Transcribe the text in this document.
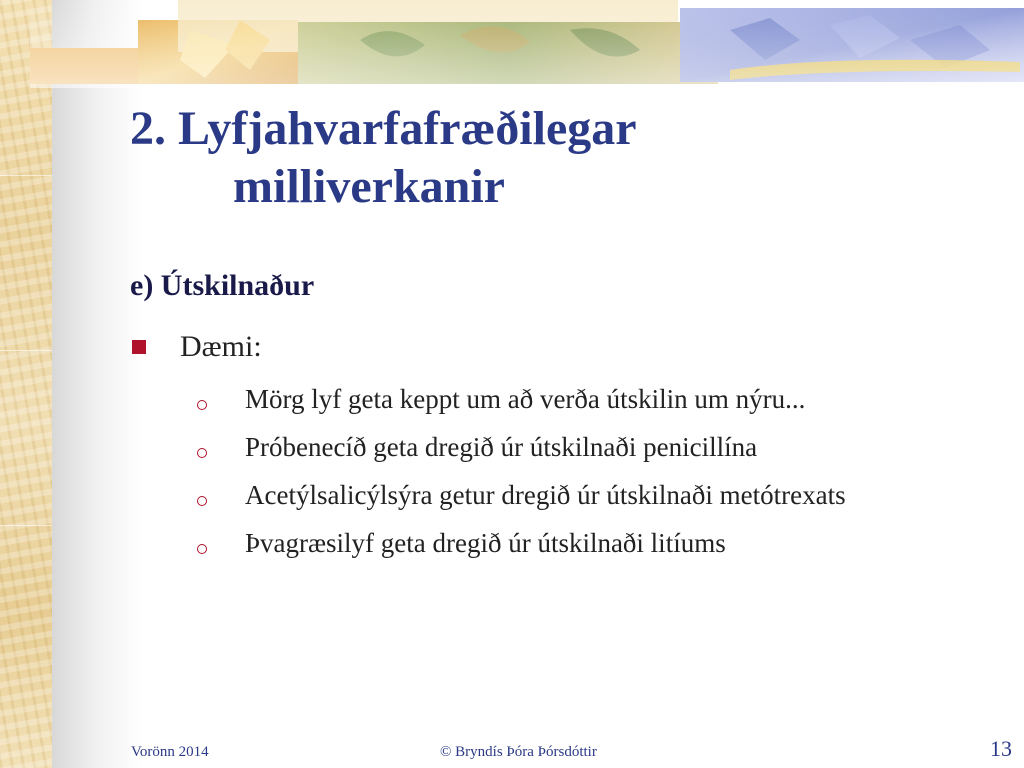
2. Lyfjahvarfafræðilegar
milliverkanir
e) Útskilnaður
Dæmi:
Mörg lyf geta keppt um að verða útskilin um nýru...
Próbenecíð geta dregið úr útskilnaði penicillína
Acetýlsalicýlsýra getur dregið úr útskilnaði metótrexats
Þvagræsilyf geta dregið úr útskilnaði litíums
Vorönn 2014	© Bryndís Þóra Þórsdóttir	13
